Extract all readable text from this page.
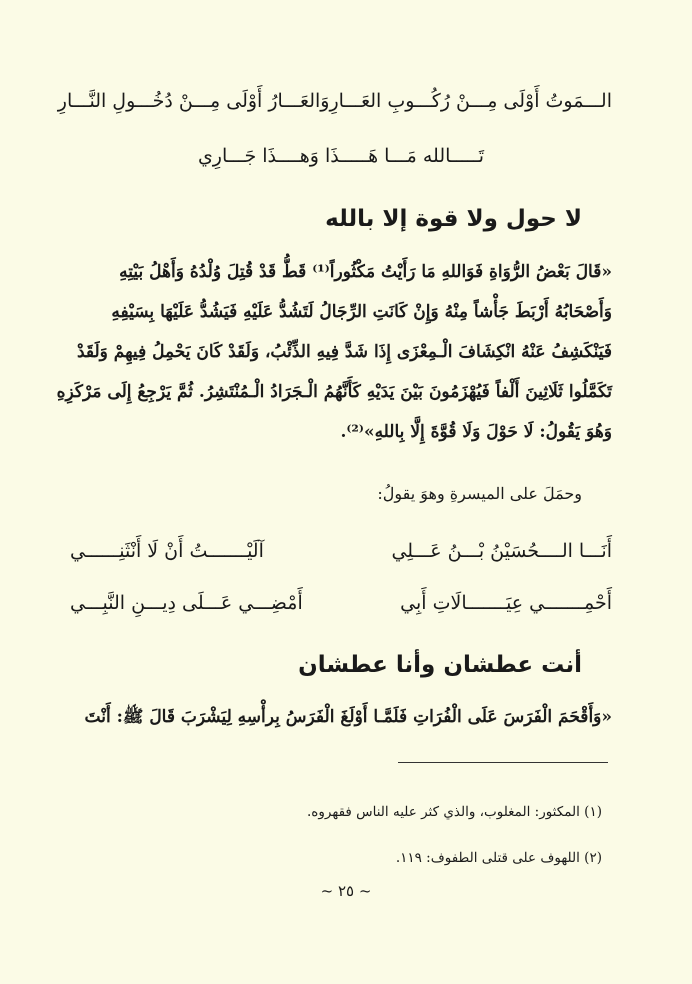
الـــمَوتُ أَوْلَى مِـــنْ رُكُـــوبِ العَـــارِ
وَالعَـــارُ أَوْلَى مِـــنْ دُخُـــولِ النَّـــارِ
تَـــــالله مَـــا هَـــــذَا وَهــــذَا جَـــارِي
لا حول ولا قوة إلا بالله
«قَالَ بَعْضُ الرُّوَاةِ فَوَاللهِ مَا رَأَيْتُ مَكْثُوراً⁽¹⁾ قَطُّ قَدْ قُتِلَ وُلْدُهُ وَأَهْلُ بَيْتِهِ
وَأَصْحَابُهُ أَرْبَطَ جَأْشاً مِنْهُ وَإِنْ كَانَتِ الرِّجَالُ لَتَشُدُّ عَلَيْهِ فَيَشُدُّ عَلَيْهَا بِسَيْفِهِ
فَيَنْكَشِفُ عَنْهُ انْكِشَافَ الْـمِعْزَى إِذَا شَدَّ فِيهِ الذِّئْبُ، وَلَقَدْ كَانَ يَحْمِلُ فِيهِمْ وَلَقَدْ
تَكَمَّلُوا ثَلَاثِينَ أَلْفاً فَيُهْزَمُونَ بَيْنَ يَدَيْهِ كَأَنَّهُمُ الْـجَرَادُ الْـمُنْتَشِرُ. ثُمَّ يَرْجِعُ إِلَى مَرْكَزِهِ
وَهُوَ يَقُولُ: لَا حَوْلَ وَلَا قُوَّةَ إِلَّا بِاللهِ»⁽²⁾.
وحمَلَ على الميسرةِ وهوَ يقولُ:
أَنَـــا الــــحُسَيْنُ بْـــنُ عَـــلِي
آلَيْـــــــتُ أَنْ لَا أَنْثَنِــــــي
أَحْمِـــــــي عِيَـــــــالَاتِ أَبِي
أَمْضِـــي عَـــلَى دِيـــنِ النَّبِـــي
أنت عطشان وأنا عطشان
«وَأَقْحَمَ الْفَرَسَ عَلَى الْفُرَاتِ فَلَمَّـا أَوْلَغَ الْفَرَسُ بِرأْسِهِ لِيَشْرَبَ قَالَ ﷺ: أَنْتَ
(١) المكثور: المغلوب، والذي كثر عليه الناس فقهروه.
(٢) اللهوف على قتلى الطفوف: ١١٩.
~ ٢٥ ~
